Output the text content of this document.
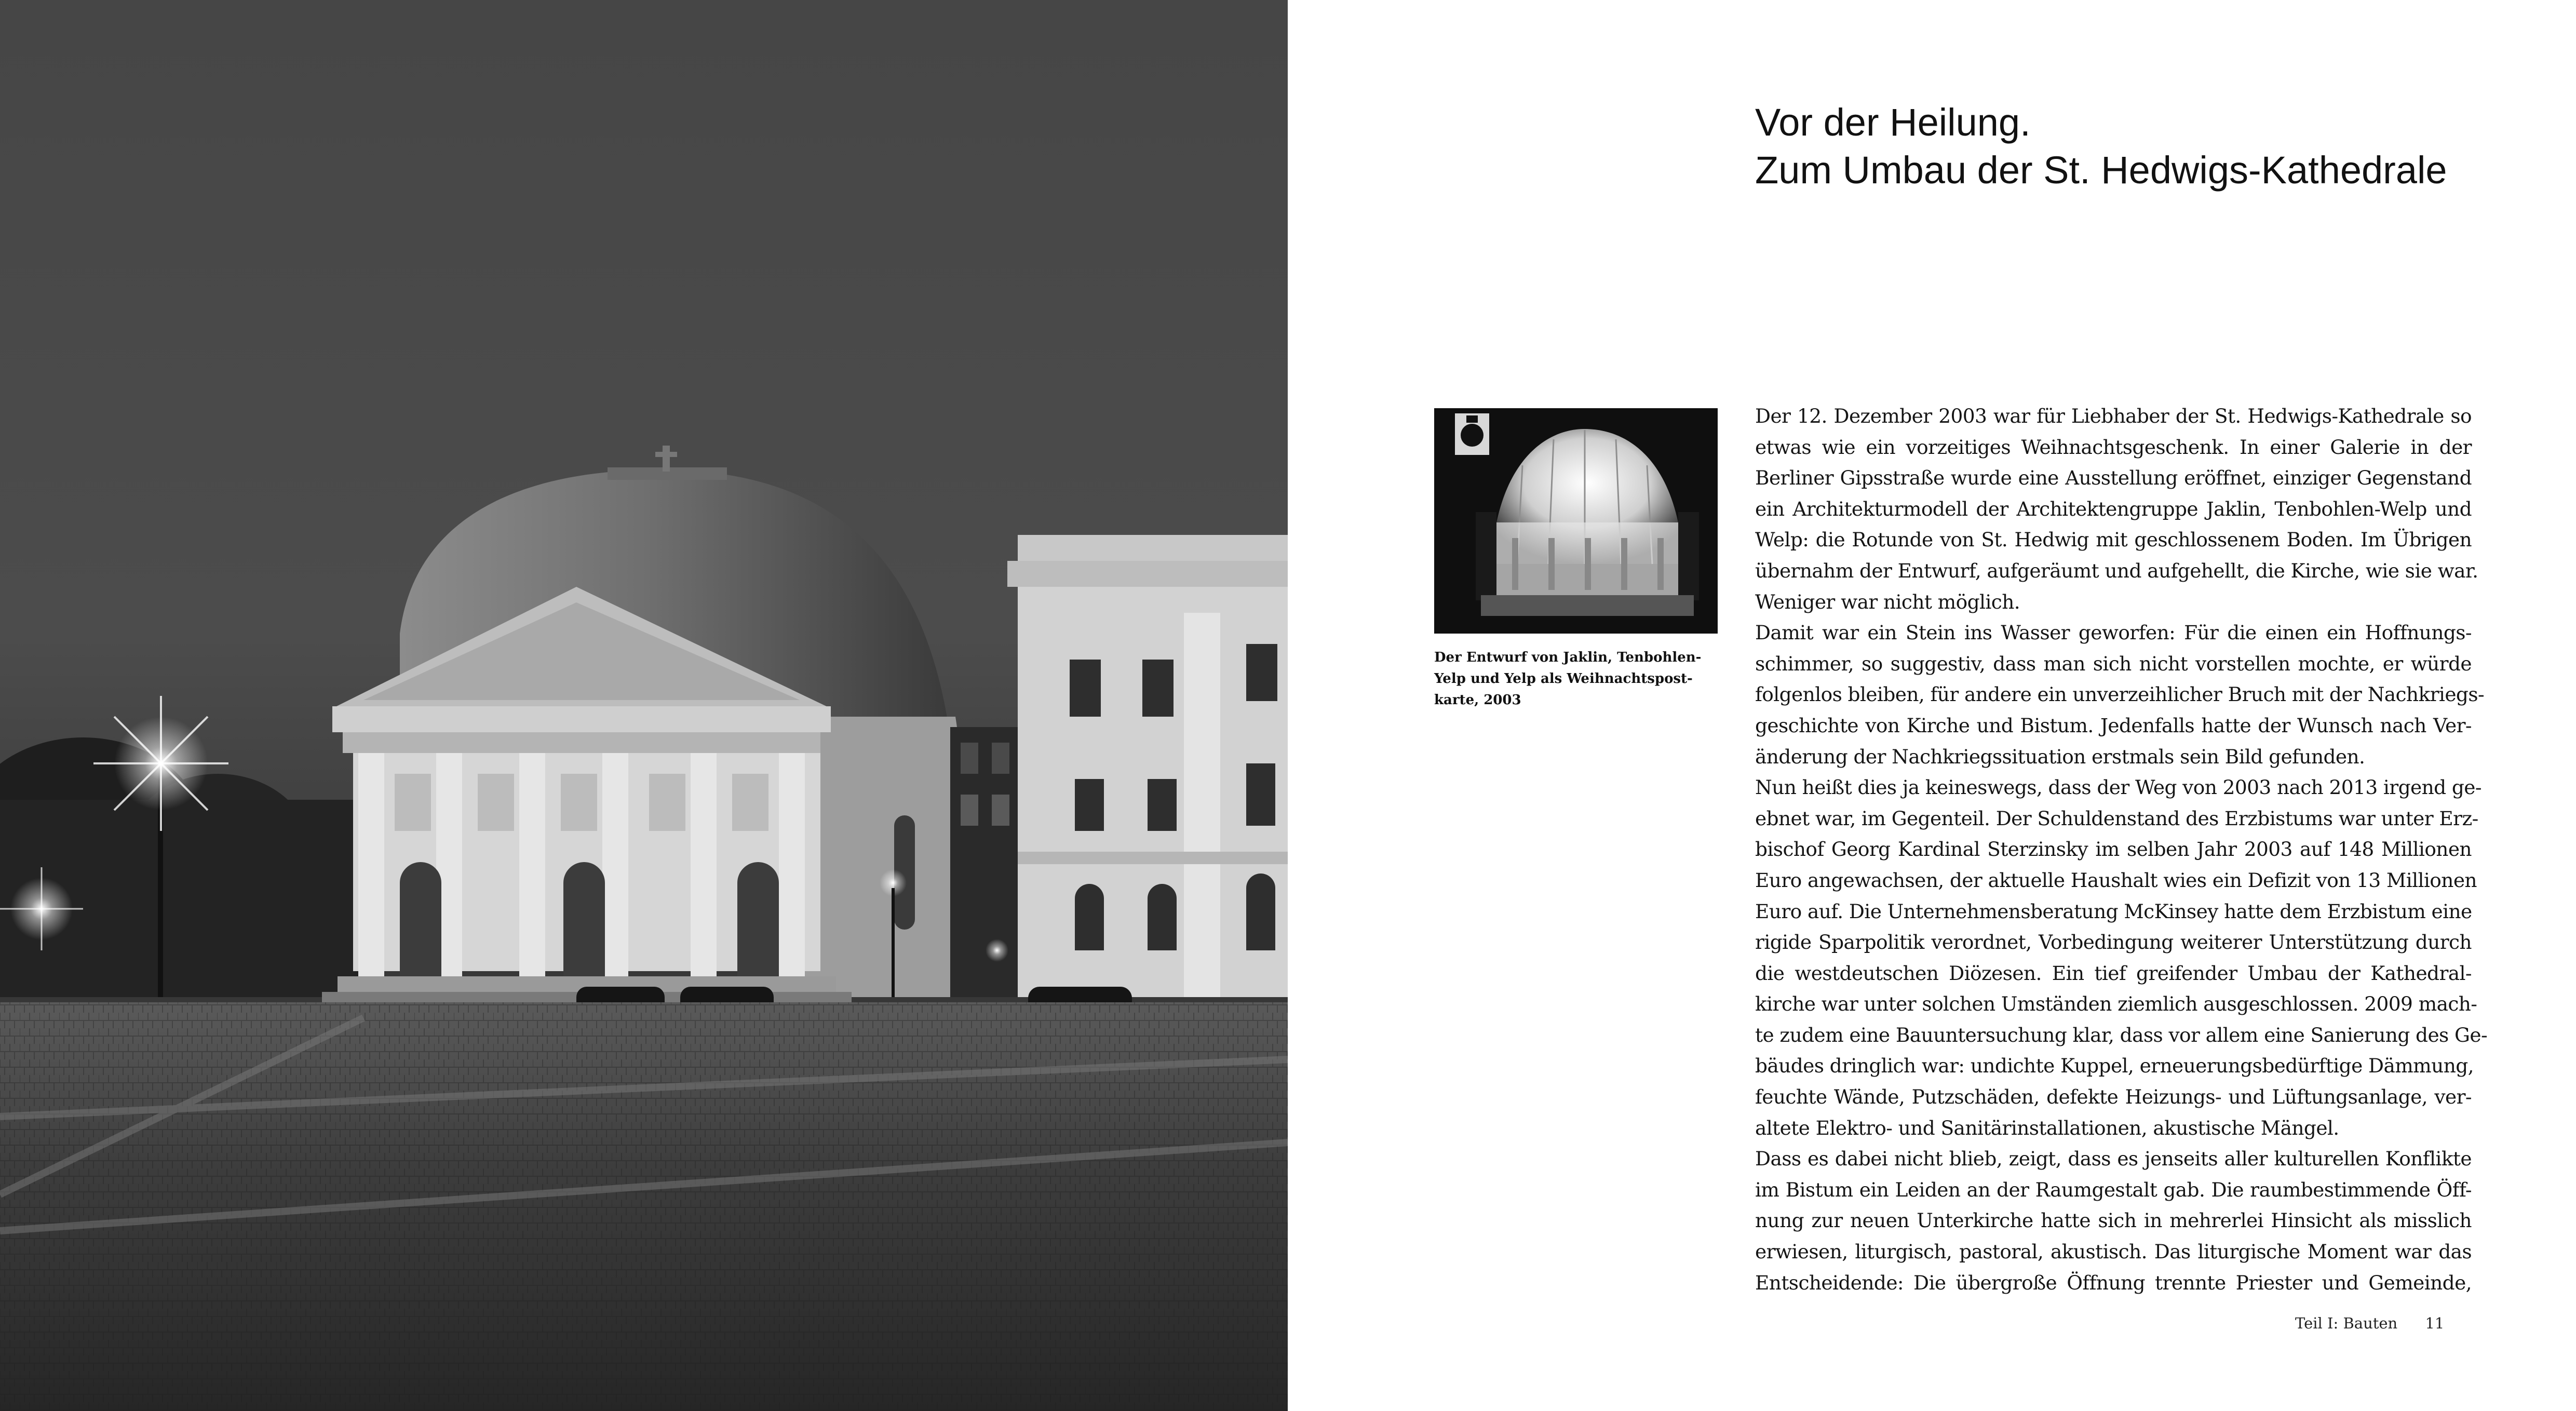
Vor der Heilung.
Zum Umbau der St. Hedwigs-Kathedrale
Der Entwurf von Jaklin, Tenbohlen-
Yelp und Yelp als Weihnachtspost-
karte, 2003
Der 12. Dezember 2003 war für Liebhaber der St. Hedwigs-Kathedrale so
etwas wie ein vorzeitiges Weihnachtsgeschenk. In einer Galerie in der
Berliner Gipsstraße wurde eine Ausstellung eröffnet, einziger Gegenstand
ein Architekturmodell der Architektengruppe Jaklin, Tenbohlen-Welp und
Welp: die Rotunde von St. Hedwig mit geschlossenem Boden. Im Übrigen
übernahm der Entwurf, aufgeräumt und aufgehellt, die Kirche, wie sie war.
Weniger war nicht möglich.
Damit war ein Stein ins Wasser geworfen: Für die einen ein Hoffnungs-
schimmer, so suggestiv, dass man sich nicht vorstellen mochte, er würde
folgenlos bleiben, für andere ein unverzeihlicher Bruch mit der Nachkriegs-
geschichte von Kirche und Bistum. Jedenfalls hatte der Wunsch nach Ver-
änderung der Nachkriegssituation erstmals sein Bild gefunden.
Nun heißt dies ja keineswegs, dass der Weg von 2003 nach 2013 irgend ge-
ebnet war, im Gegenteil. Der Schuldenstand des Erzbistums war unter Erz-
bischof Georg Kardinal Sterzinsky im selben Jahr 2003 auf 148 Millionen
Euro angewachsen, der aktuelle Haushalt wies ein Defizit von 13 Millionen
Euro auf. Die Unternehmensberatung McKinsey hatte dem Erzbistum eine
rigide Sparpolitik verordnet, Vorbedingung weiterer Unterstützung durch
die westdeutschen Diözesen. Ein tief greifender Umbau der Kathedral-
kirche war unter solchen Umständen ziemlich ausgeschlossen. 2009 mach-
te zudem eine Bauuntersuchung klar, dass vor allem eine Sanierung des Ge-
bäudes dringlich war: undichte Kuppel, erneuerungsbedürftige Dämmung,
feuchte Wände, Putzschäden, defekte Heizungs- und Lüftungsanlage, ver-
altete Elektro- und Sanitärinstallationen, akustische Mängel.
Dass es dabei nicht blieb, zeigt, dass es jenseits aller kulturellen Konflikte
im Bistum ein Leiden an der Raumgestalt gab. Die raumbestimmende Öff-
nung zur neuen Unterkirche hatte sich in mehrerlei Hinsicht als misslich
erwiesen, liturgisch, pastoral, akustisch. Das liturgische Moment war das
Entscheidende: Die übergroße Öffnung trennte Priester und Gemeinde,
Teil I: Bauten 11
